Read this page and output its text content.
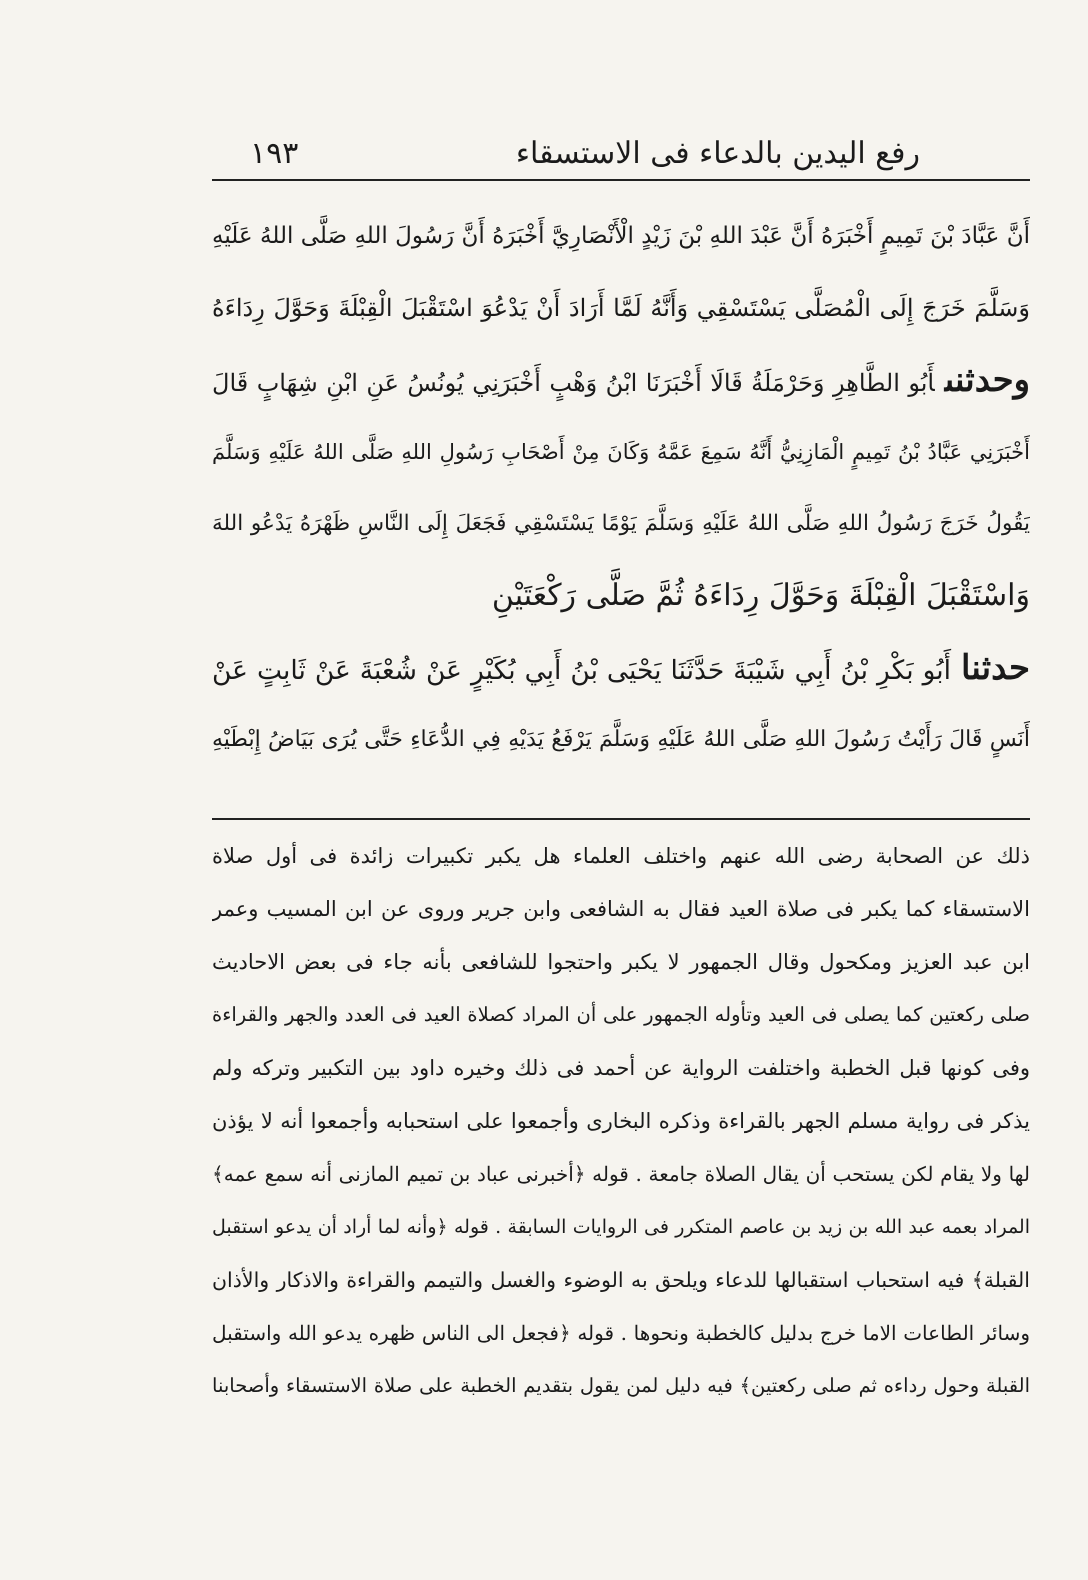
رفع اليدين بالدعاء فى الاستسقاء
١٩٣
أَنَّ عَبَّادَ بْنَ تَمِيمٍ أَخْبَرَهُ أَنَّ عَبْدَ اللهِ بْنَ زَيْدٍ الْأَنْصَارِيَّ أَخْبَرَهُ أَنَّ رَسُولَ اللهِ صَلَّى اللهُ عَلَيْهِ
وَسَلَّمَ خَرَجَ إِلَى الْمُصَلَّى يَسْتَسْقِي وَأَنَّهُ لَمَّا أَرَادَ أَنْ يَدْعُوَ اسْتَقْبَلَ الْقِبْلَةَ وَحَوَّلَ رِدَاءَهُ
وحدثنىأَبُو الطَّاهِرِ وَحَرْمَلَةُ قَالَا أَخْبَرَنَا ابْنُ وَهْبٍ أَخْبَرَنِي يُونُسُ عَنِ ابْنِ شِهَابٍ قَالَ
أَخْبَرَنِي عَبَّادُ بْنُ تَمِيمٍ الْمَازِنِيُّ أَنَّهُ سَمِعَ عَمَّهُ وَكَانَ مِنْ أَصْحَابِ رَسُولِ اللهِ صَلَّى اللهُ عَلَيْهِ وَسَلَّمَ
يَقُولُ خَرَجَ رَسُولُ اللهِ صَلَّى اللهُ عَلَيْهِ وَسَلَّمَ يَوْمًا يَسْتَسْقِي فَجَعَلَ إِلَى النَّاسِ ظَهْرَهُ يَدْعُو اللهَ
وَاسْتَقْبَلَ الْقِبْلَةَ وَحَوَّلَ رِدَاءَهُ ثُمَّ صَلَّى رَكْعَتَيْنِ
حدثناأَبُو بَكْرِ بْنُ أَبِي شَيْبَةَ حَدَّثَنَا يَحْيَى بْنُ أَبِي بُكَيْرٍ عَنْ شُعْبَةَ عَنْ ثَابِتٍ عَنْ
أَنَسٍ قَالَ رَأَيْتُ رَسُولَ اللهِ صَلَّى اللهُ عَلَيْهِ وَسَلَّمَ يَرْفَعُ يَدَيْهِ فِي الدُّعَاءِ حَتَّى يُرَى بَيَاضُ إِبْطَيْهِ
ذلك عن الصحابة رضى الله عنهم واختلف العلماء هل يكبر تكبيرات زائدة فى أول صلاة
الاستسقاء كما يكبر فى صلاة العيد فقال به الشافعى وابن جرير وروى عن ابن المسيب وعمر
ابن عبد العزيز ومكحول وقال الجمهور لا يكبر واحتجوا للشافعى بأنه جاء فى بعض الاحاديث
صلى ركعتين كما يصلى فى العيد وتأوله الجمهور على أن المراد كصلاة العيد فى العدد والجهر والقراءة
وفى كونها قبل الخطبة واختلفت الرواية عن أحمد فى ذلك وخيره داود بين التكبير وتركه ولم
يذكر فى رواية مسلم الجهر بالقراءة وذكره البخارى وأجمعوا على استحبابه وأجمعوا أنه لا يؤذن
لها ولا يقام لكن يستحب أن يقال الصلاة جامعة . قوله ﴿أخبرنى عباد بن تميم المازنى أنه سمع عمه﴾
المراد بعمه عبد الله بن زيد بن عاصم المتكرر فى الروايات السابقة . قوله ﴿وأنه لما أراد أن يدعو استقبل
القبلة﴾ فيه استحباب استقبالها للدعاء ويلحق به الوضوء والغسل والتيمم والقراءة والاذكار والأذان
وسائر الطاعات الاما خرج بدليل كالخطبة ونحوها . قوله ﴿فجعل الى الناس ظهره يدعو الله واستقبل
القبلة وحول رداءه ثم صلى ركعتين﴾ فيه دليل لمن يقول بتقديم الخطبة على صلاة الاستسقاء وأصحابنا
